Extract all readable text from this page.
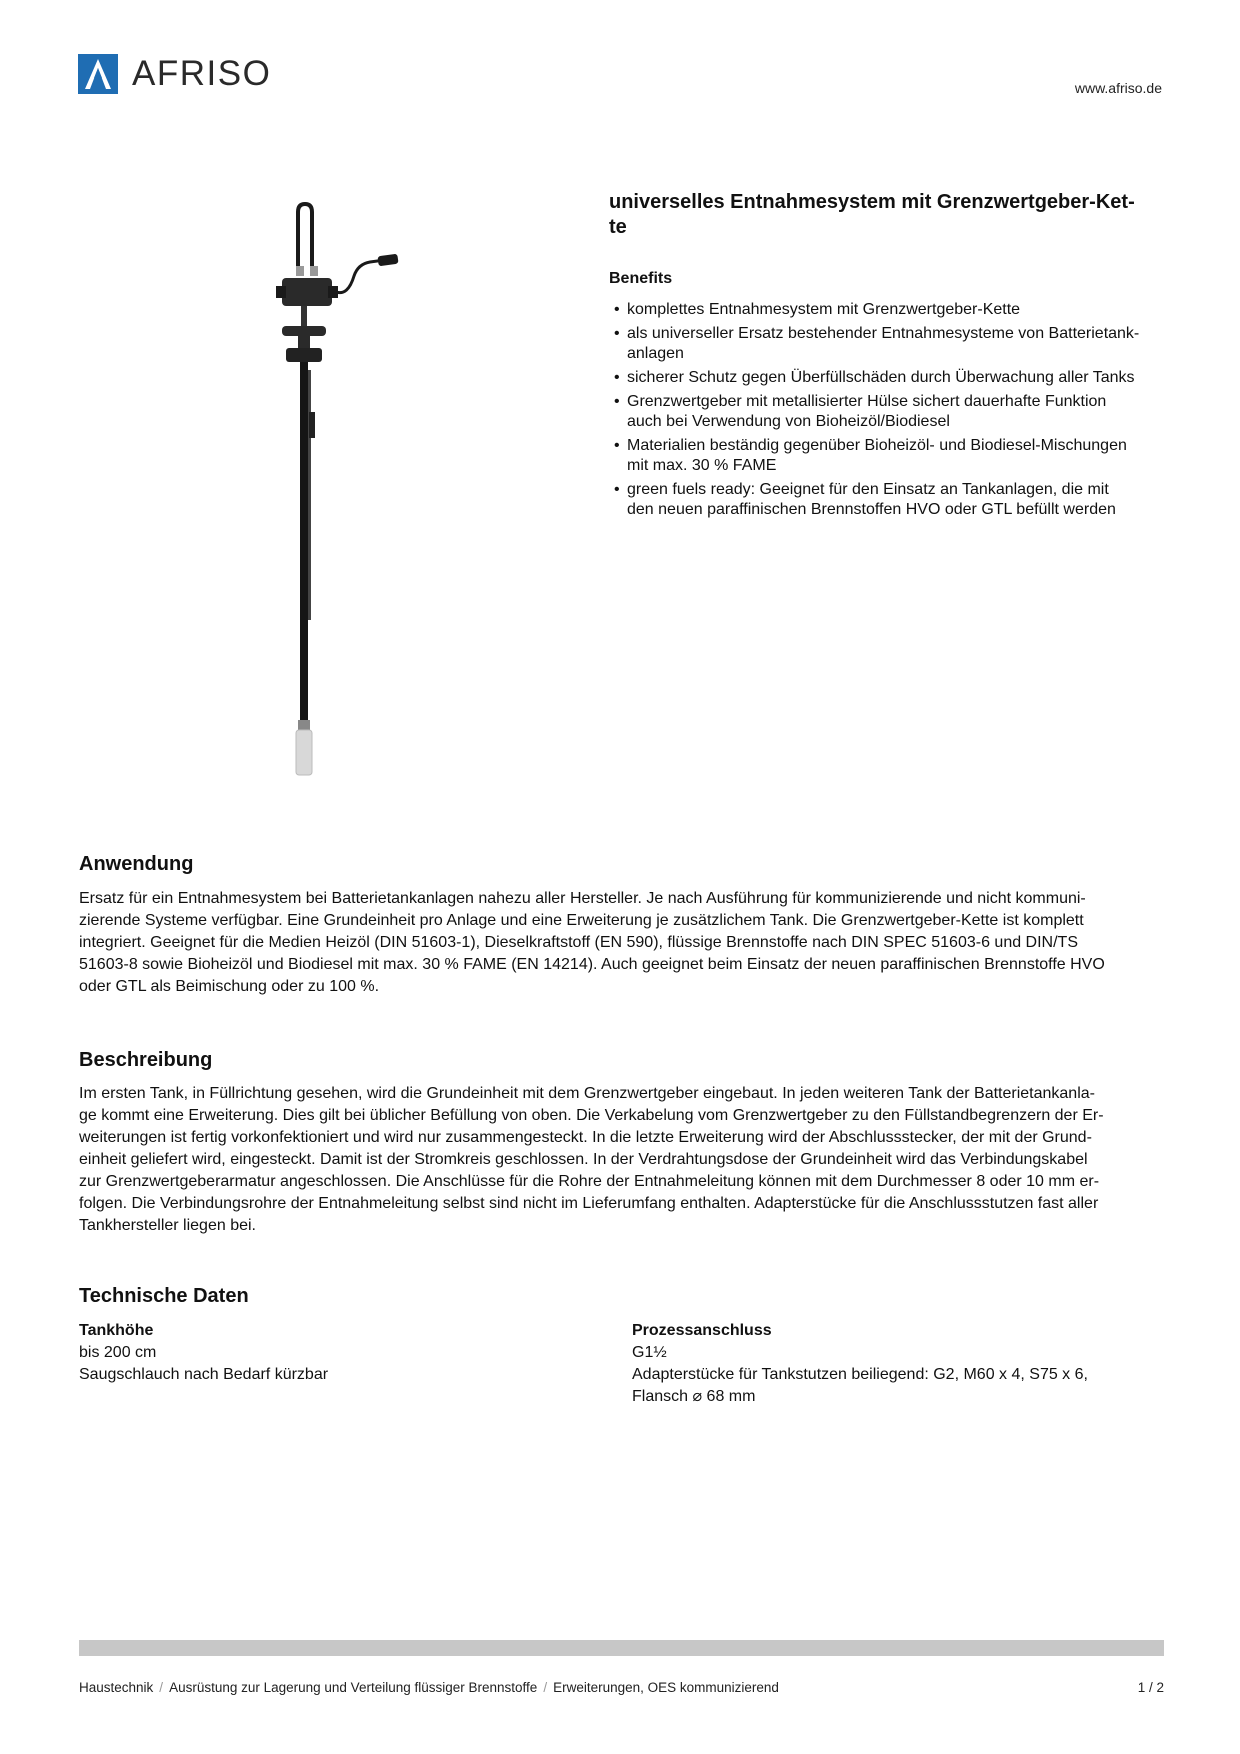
AFRISO	www.afriso.de
universelles Entnahmesystem mit Grenzwertgeber-Ket-
te
Benefits
• komplettes Entnahmesystem mit Grenzwertgeber-Kette
• als universeller Ersatz bestehender Entnahmesysteme von Batterietank-
anlagen
• sicherer Schutz gegen Überfüllschäden durch Überwachung aller Tanks
• Grenzwertgeber mit metallisierter Hülse sichert dauerhafte Funktion
auch bei Verwendung von Bioheizöl/Biodiesel
• Materialien beständig gegenüber Bioheizöl- und Biodiesel-Mischungen
mit max. 30 % FAME
• green fuels ready: Geeignet für den Einsatz an Tankanlagen, die mit
den neuen paraffinischen Brennstoffen HVO oder GTL befüllt werden
Anwendung
Ersatz für ein Entnahmesystem bei Batterietankanlagen nahezu aller Hersteller. Je nach Ausführung für kommunizierende und nicht kommuni-
zierende Systeme verfügbar. Eine Grundeinheit pro Anlage und eine Erweiterung je zusätzlichem Tank. Die Grenzwertgeber-Kette ist komplett
integriert. Geeignet für die Medien Heizöl (DIN 51603-1), Dieselkraftstoff (EN 590), flüssige Brennstoffe nach DIN SPEC 51603-6 und DIN/TS
51603-8 sowie Bioheizöl und Biodiesel mit max. 30 % FAME (EN 14214). Auch geeignet beim Einsatz der neuen paraffinischen Brennstoffe HVO
oder GTL als Beimischung oder zu 100 %.
Beschreibung
Im ersten Tank, in Füllrichtung gesehen, wird die Grundeinheit mit dem Grenzwertgeber eingebaut. In jeden weiteren Tank der Batterietankanla-
ge kommt eine Erweiterung. Dies gilt bei üblicher Befüllung von oben. Die Verkabelung vom Grenzwertgeber zu den Füllstandbegrenzern der Er-
weiterungen ist fertig vorkonfektioniert und wird nur zusammengesteckt. In die letzte Erweiterung wird der Abschlussstecker, der mit der Grund-
einheit geliefert wird, eingesteckt. Damit ist der Stromkreis geschlossen. In der Verdrahtungsdose der Grundeinheit wird das Verbindungskabel
zur Grenzwertgeberarmatur angeschlossen. Die Anschlüsse für die Rohre der Entnahmeleitung können mit dem Durchmesser 8 oder 10 mm er-
folgen. Die Verbindungsrohre der Entnahmeleitung selbst sind nicht im Lieferumfang enthalten. Adapterstücke für die Anschlussstutzen fast aller
Tankhersteller liegen bei.
Technische Daten
Tankhöhe
bis 200 cm
Saugschlauch nach Bedarf kürzbar
Prozessanschluss
G1½
Adapterstücke für Tankstutzen beiliegend: G2, M60 x 4, S75 x 6,
Flansch ⌀ 68 mm
Haustechnik / Ausrüstung zur Lagerung und Verteilung flüssiger Brennstoffe / Erweiterungen, OES kommunizierend	1 / 2
